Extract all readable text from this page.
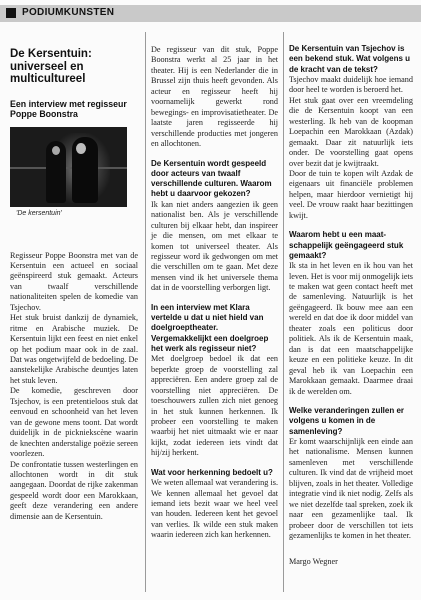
PODIUMKUNSTEN
De Kersentuin: universeel en multicultureel
Een interview met regisseur Poppe Boonstra
'De kersentuin'

Regisseur Poppe Boonstra met van de Kersentuin een actueel en sociaal geënspireerd stuk gemaakt. Acteurs van twaalf verschillende nationaliteiten spelen de komedie van Tsjechov.
Het stuk bruist dankzij de dynamiek, ritme en Arabische muziek. De Kersentuin lijkt een feest en niet enkel op het podium maar ook in de zaal. Dat was ongetwijfeld de bedoeling. De aanstekelijke Arabische deuntjes laten het stuk leven.
De komedie, geschreven door Tsjechov, is een pretentieloos stuk dat eenvoud en schoonheid van het leven van de gewone mens toont. Dat wordt duidelijk in de pickniekscène waarin de knechten anderstalige poëzie sereen voorlezen.
De confrontatie tussen westerlingen en allochtonen wordt in dit stuk aangegaan. Doordat de rijke zakenman gespeeld wordt door een Marokkaan, geeft deze verandering een andere dimensie aan de Kersentuin.

De regisseur van dit stuk, Poppe Boonstra werkt al 25 jaar in het theater. Hij is een Nederlander die in Brussel zijn thuis heeft gevonden. Als acteur en regisseur heeft hij voornamelijk gewerkt rond bewegings- en improvisatietheater. De laatste jaren regisseerde hij verschillende producties met jongeren en allochtonen.

De Kersentuin wordt gespeeld door acteurs van twaalf verschillende culturen. Waarom hebt u daarvoor gekozen?

Ik kan niet anders aangezien ik geen nationalist ben. Als je verschillende culturen bij elkaar hebt, dan inspireer je die mensen, om met elkaar te komen tot universeel theater. Als regisseur word ik gedwongen om met die verschillen om te gaan. Met deze mensen vind ik het universele thema dat in de voorstelling verborgen ligt.

In een interview met Klara vertelde u dat u niet hield van doelgroeptheater. Vergemakkelijkt een doelgroep het werk als regisseur niet?

Met doelgroep bedoel ik dat een beperkte groep de voorstelling zal appreciëren. Een andere groep zal de voorstelling niet appreciëren. De toeschouwers zullen zich niet genoeg in het stuk kunnen herkennen. Ik probeer een voorstelling te maken waarbij het niet uitmaakt wie er naar kijkt, zodat iedereen iets vindt dat hij/zij herkent.

Wat voor herkenning bedoelt u?

We weten allemaal wat verandering is. We kennen allemaal het gevoel dat iemand iets bezit waar we heel veel van houden. Iedereen kent het gevoel van verlies. Ik wilde een stuk maken waarin iedereen zich kan herkennen.

De Kersentuin van Tsjechov is een bekend stuk. Wat volgens u de kracht van de tekst?

Tsjechov maakt duidelijk hoe iemand door heel te worden is beroerd het.
Het stuk gaat over een vreemdeling die de Kersentuin koopt van een westerling. Ik heb van de koopman Loepachin een Marokkaan (Azdak) gemaakt. Daar zit natuurlijk iets onder. De voorstelling gaat opens over bezit dat je kwijtraakt.
Door de tuin te kopen wilt Azdak de eigenaars uit financiële problemen helpen, maar hierdoor vernietigt hij veel. De vrouw raakt haar bezittingen kwijt.

Waarom hebt u een maat-schappelijk geëngageerd stuk gemaakt?

Ik sta in het leven en ik hou van het leven. Het is voor mij onmogelijk iets te maken wat geen contact heeft met de samenleving. Natuurlijk is het geëngageerd. Ik bouw mee aan een wereld en dat doe ik door middel van theater zoals een politicus door politiek. Als ik de Kersentuin maak, dan is dat een maatschappelijke keuze en een politieke keuze. In dit geval heb ik van Loepachin een Marokkaan gemaakt. Daarmee draai ik de werelden om.

Welke veranderingen zullen er volgens u komen in de samenleving?

Er komt waarschijnlijk een einde aan het nationalisme. Mensen kunnen samenleven met verschillende culturen. Ik vind dat de vrijheid moet blijven, zoals in het theater. Volledige integratie vind ik niet nodig. Zelfs als we niet dezelfde taal spreken, zoek ik naar een gezamenlijke taal. Ik probeer door de verschillen tot iets gezamenlijks te komen in het theater.

Margo Wegner
